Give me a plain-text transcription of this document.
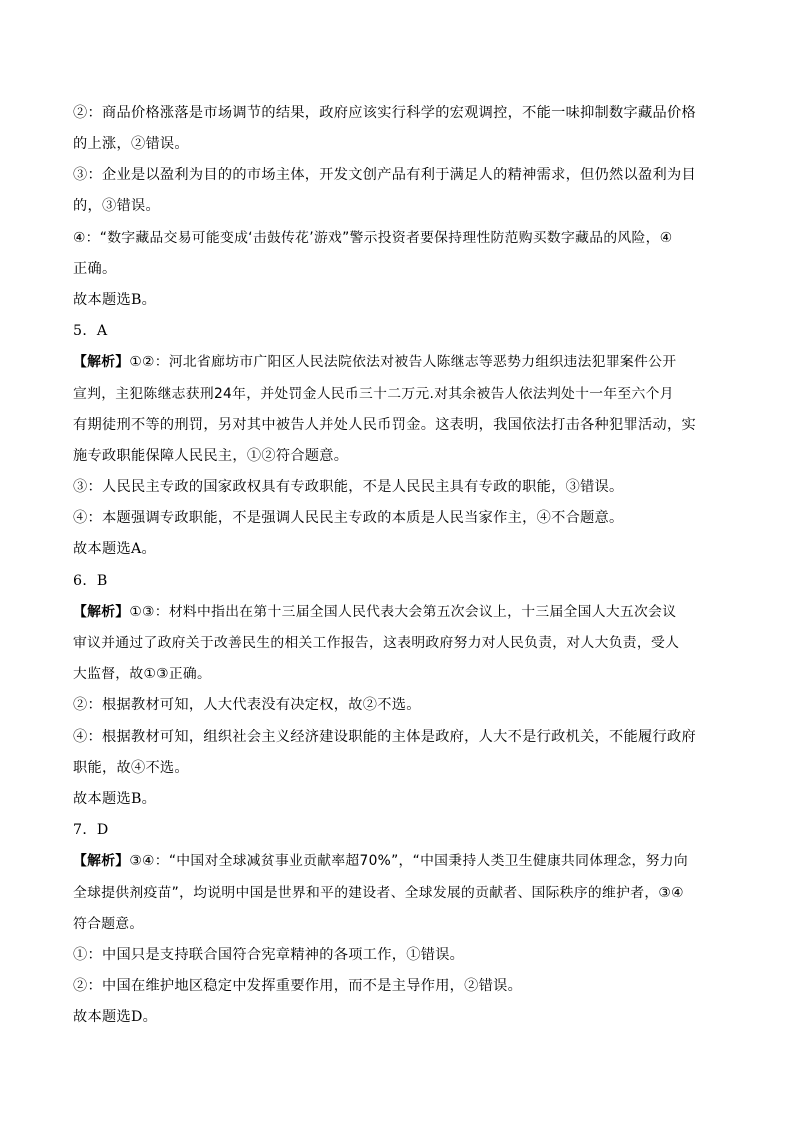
②：商品价格涨落是市场调节的结果，政府应该实行科学的宏观调控，不能一味抑制数字藏品价格
的上涨，②错误。
③：企业是以盈利为目的的市场主体，开发文创产品有利于满足人的精神需求，但仍然以盈利为目
的，③错误。
④：“数字藏品交易可能变成‘击鼓传花’游戏”警示投资者要保持理性防范购买数字藏品的风险，④
正确。
故本题选B。
5．A
【解析】①②：河北省廊坊市广阳区人民法院依法对被告人陈继志等恶势力组织违法犯罪案件公开
宣判，主犯陈继志获刑24年，并处罚金人民币三十二万元.对其余被告人依法判处十一年至六个月
有期徒刑不等的刑罚，另对其中被告人并处人民币罚金。这表明，我国依法打击各种犯罪活动，实
施专政职能保障人民民主，①②符合题意。
③：人民民主专政的国家政权具有专政职能，不是人民民主具有专政的职能，③错误。
④：本题强调专政职能，不是强调人民民主专政的本质是人民当家作主，④不合题意。
故本题选A。
6．B
【解析】①③：材料中指出在第十三届全国人民代表大会第五次会议上，十三届全国人大五次会议
审议并通过了政府关于改善民生的相关工作报告，这表明政府努力对人民负责，对人大负责，受人
大监督，故①③正确。
②：根据教材可知，人大代表没有决定权，故②不选。
④：根据教材可知，组织社会主义经济建设职能的主体是政府，人大不是行政机关，不能履行政府
职能，故④不选。
故本题选B。
7．D
【解析】③④：“中国对全球减贫事业贡献率超70%”，“中国秉持人类卫生健康共同体理念，努力向
全球提供剂疫苗”，均说明中国是世界和平的建设者、全球发展的贡献者、国际秩序的维护者，③④
符合题意。
①：中国只是支持联合国符合宪章精神的各项工作，①错误。
②：中国在维护地区稳定中发挥重要作用，而不是主导作用，②错误。
故本题选D。
